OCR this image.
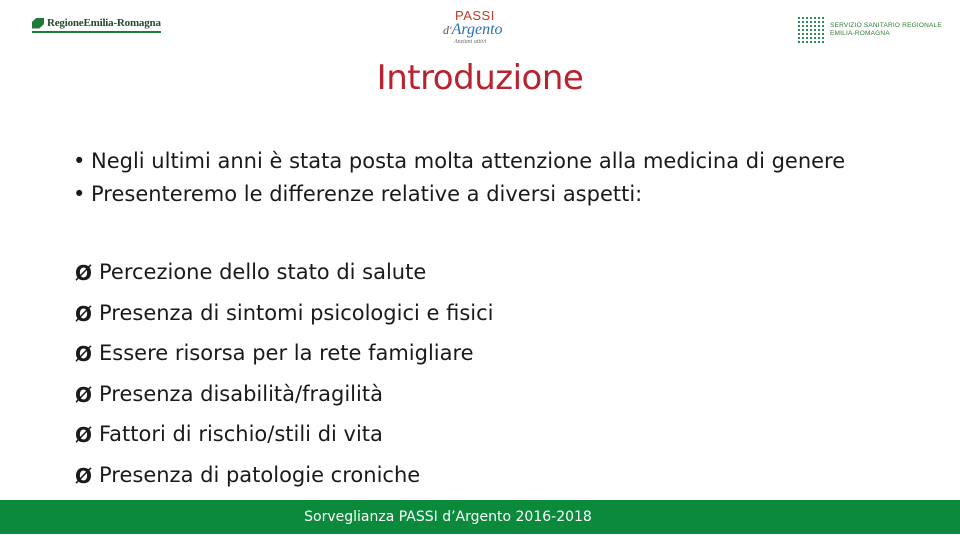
RegioneEmilia-Romagna	PASSI
d'Argento
Anziani attivi
SERVIZIO SANITARIO REGIONALE
EMILIA-ROMAGNA
Introduzione
• Negli ultimi anni è stata posta molta attenzione alla medicina di genere
• Presenteremo le differenze relative a diversi aspetti:
Ø Percezione dello stato di salute
Ø Presenza di sintomi psicologici e fisici
Ø Essere risorsa per la rete famigliare
Ø Presenza disabilità/fragilità
Ø Fattori di rischio/stili di vita
Ø Presenza di patologie croniche
Sorveglianza PASSI d’Argento 2016-2018
